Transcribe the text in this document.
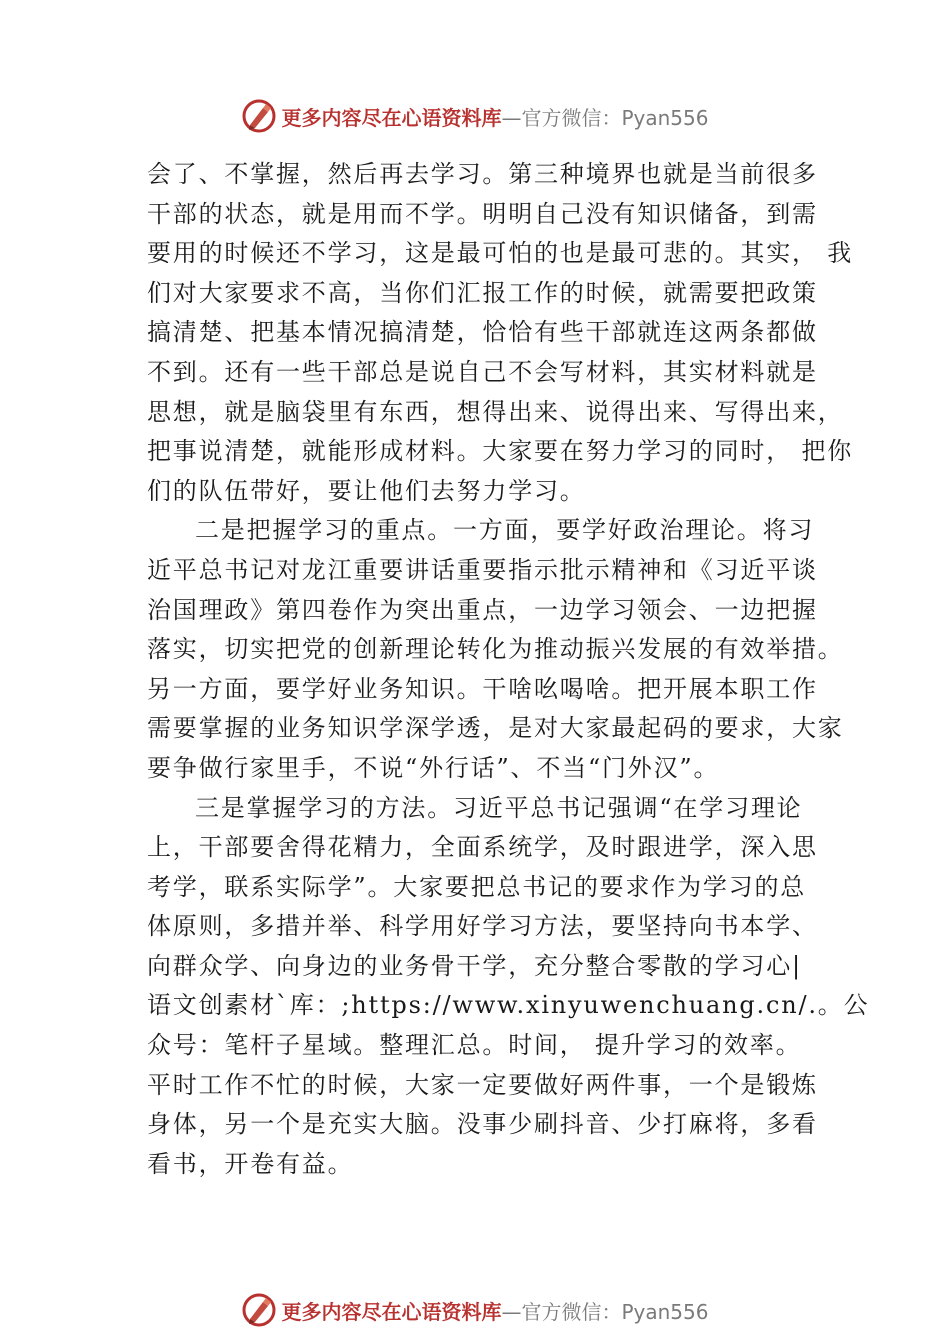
更多内容尽在心语资料库 —官方微信：Pyan556
会了、不掌握，然后再去学习。第三种境界也就是当前很多
干部的状态，就是用而不学。明明自己没有知识储备，到需
要用的时候还不学习，这是最可怕的也是最可悲的。其实， 我
们对大家要求不高，当你们汇报工作的时候，就需要把政策
搞清楚、把基本情况搞清楚，恰恰有些干部就连这两条都做
不到。还有一些干部总是说自己不会写材料，其实材料就是
思想，就是脑袋里有东西，想得出来、说得出来、写得出来，
把事说清楚，就能形成材料。大家要在努力学习的同时， 把你
们的队伍带好，要让他们去努力学习。
二是把握学习的重点。一方面，要学好政治理论。将习
近平总书记对龙江重要讲话重要指示批示精神和《习近平谈
治国理政》第四卷作为突出重点，一边学习领会、一边把握
落实，切实把党的创新理论转化为推动振兴发展的有效举措。
另一方面，要学好业务知识。干啥吆喝啥。把开展本职工作
需要掌握的业务知识学深学透，是对大家最起码的要求，大家
要争做行家里手，不说“外行话”、不当“门外汉”。
三是掌握学习的方法。习近平总书记强调“在学习理论
上，干部要舍得花精力，全面系统学，及时跟进学，深入思
考学，联系实际学”。大家要把总书记的要求作为学习的总
体原则，多措并举、科学用好学习方法，要坚持向书本学、
向群众学、向身边的业务骨干学，充分整合零散的学习心|
语文创素材`库：;https://www.xinyuwenchuang.cn/.。公
众号：笔杆子星域。整理汇总。时间， 提升学习的效率。
平时工作不忙的时候，大家一定要做好两件事，一个是锻炼
身体，另一个是充实大脑。没事少刷抖音、少打麻将，多看
看书，开卷有益。
更多内容尽在心语资料库 —官方微信：Pyan556
